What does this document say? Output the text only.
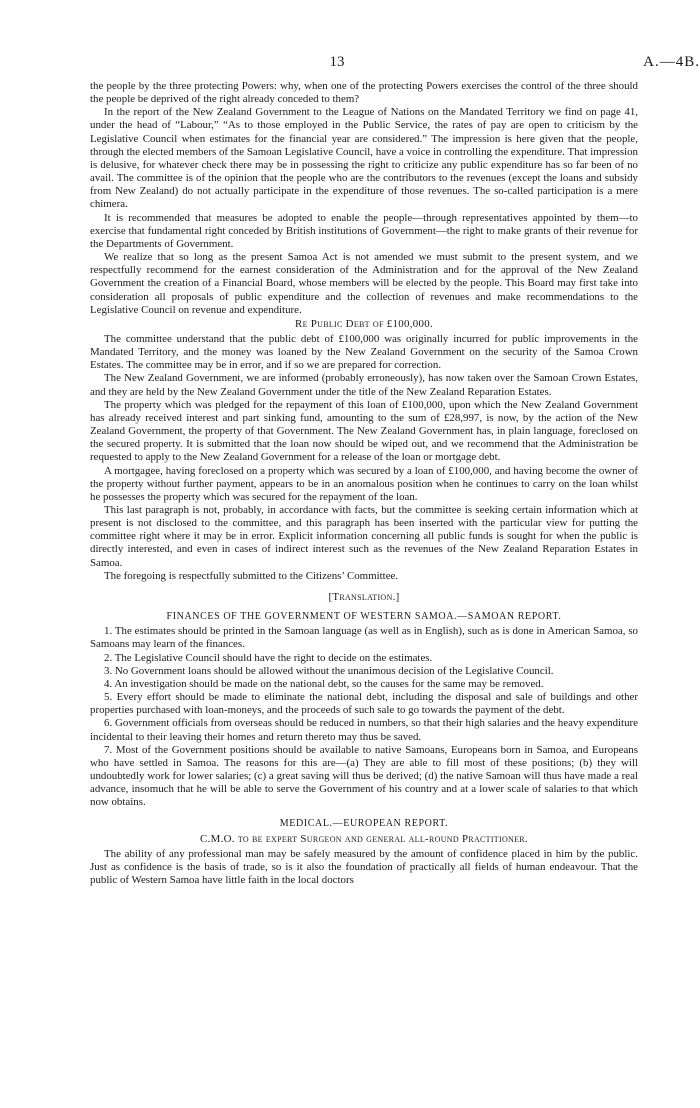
13	A.—4B.

the people by the three protecting Powers: why, when one of the protecting Powers exercises the control of the three should the people be deprived of the right already conceded to them?

In the report of the New Zealand Government to the League of Nations on the Mandated Territory we find on page 41, under the head of “Labour,” “As to those employed in the Public Service, the rates of pay are open to criticism by the Legislative Council when estimates for the financial year are considered.” The impression is here given that the people, through the elected members of the Samoan Legislative Council, have a voice in controlling the expenditure. That impression is delusive, for whatever check there may be in possessing the right to criticize any public expenditure has so far been of no avail. The committee is of the opinion that the people who are the contributors to the revenues (except the loans and subsidy from New Zealand) do not actually participate in the expenditure of those revenues. The so-called participation is a mere chimera.

It is recommended that measures be adopted to enable the people—through representatives appointed by them—to exercise that fundamental right conceded by British institutions of Government—the right to make grants of their revenue for the Departments of Government.

We realize that so long as the present Samoa Act is not amended we must submit to the present system, and we respectfully recommend for the earnest consideration of the Administration and for the approval of the New Zealand Government the creation of a Financial Board, whose members will be elected by the people. This Board may first take into consideration all proposals of public expenditure and the collection of revenues and make recommendations to the Legislative Council on revenue and expenditure.

Re Public Debt of £100,000.

The committee understand that the public debt of £100,000 was originally incurred for public improvements in the Mandated Territory, and the money was loaned by the New Zealand Government on the security of the Samoa Crown Estates. The committee may be in error, and if so we are prepared for correction.

The New Zealand Government, we are informed (probably erroneously), has now taken over the Samoan Crown Estates, and they are held by the New Zealand Government under the title of the New Zealand Reparation Estates.

The property which was pledged for the repayment of this loan of £100,000, upon which the New Zealand Government has already received interest and part sinking fund, amounting to the sum of £28,997, is now, by the action of the New Zealand Government, the property of that Government. The New Zealand Government has, in plain language, foreclosed on the secured property. It is submitted that the loan now should be wiped out, and we recommend that the Administration be requested to apply to the New Zealand Government for a release of the loan or mortgage debt.

A mortgagee, having foreclosed on a property which was secured by a loan of £100,000, and having become the owner of the property without further payment, appears to be in an anomalous position when he continues to carry on the loan whilst he possesses the property which was secured for the repayment of the loan.

This last paragraph is not, probably, in accordance with facts, but the committee is seeking certain information which at present is not disclosed to the committee, and this paragraph has been inserted with the particular view for putting the committee right where it may be in error. Explicit information concerning all public funds is sought for when the public is directly interested, and even in cases of indirect interest such as the revenues of the New Zealand Reparation Estates in Samoa.

The foregoing is respectfully submitted to the Citizens’ Committee.

[Translation.]
FINANCES OF THE GOVERNMENT OF WESTERN SAMOA.—SAMOAN REPORT.

1. The estimates should be printed in the Samoan language (as well as in English), such as is done in American Samoa, so Samoans may learn of the finances.

2. The Legislative Council should have the right to decide on the estimates.

3. No Government loans should be allowed without the unanimous decision of the Legislative Council.

4. An investigation should be made on the national debt, so the causes for the same may be removed.

5. Every effort should be made to eliminate the national debt, including the disposal and sale of buildings and other properties purchased with loan-moneys, and the proceeds of such sale to go towards the payment of the debt.

6. Government officials from overseas should be reduced in numbers, so that their high salaries and the heavy expenditure incidental to their leaving their homes and return thereto may thus be saved.

7. Most of the Government positions should be available to native Samoans, Europeans born in Samoa, and Europeans who have settled in Samoa. The reasons for this are—(a) They are able to fill most of these positions; (b) they will undoubtedly work for lower salaries; (c) a great saving will thus be derived; (d) the native Samoan will thus have made a real advance, insomuch that he will be able to serve the Government of his country and at a lower scale of salaries to that which now obtains.

MEDICAL.—EUROPEAN REPORT.
C.M.O. to be expert Surgeon and general all-round Practitioner.

The ability of any professional man may be safely measured by the amount of confidence placed in him by the public. Just as confidence is the basis of trade, so is it also the foundation of practically all fields of human endeavour. That the public of Western Samoa have little faith in the local doctors
